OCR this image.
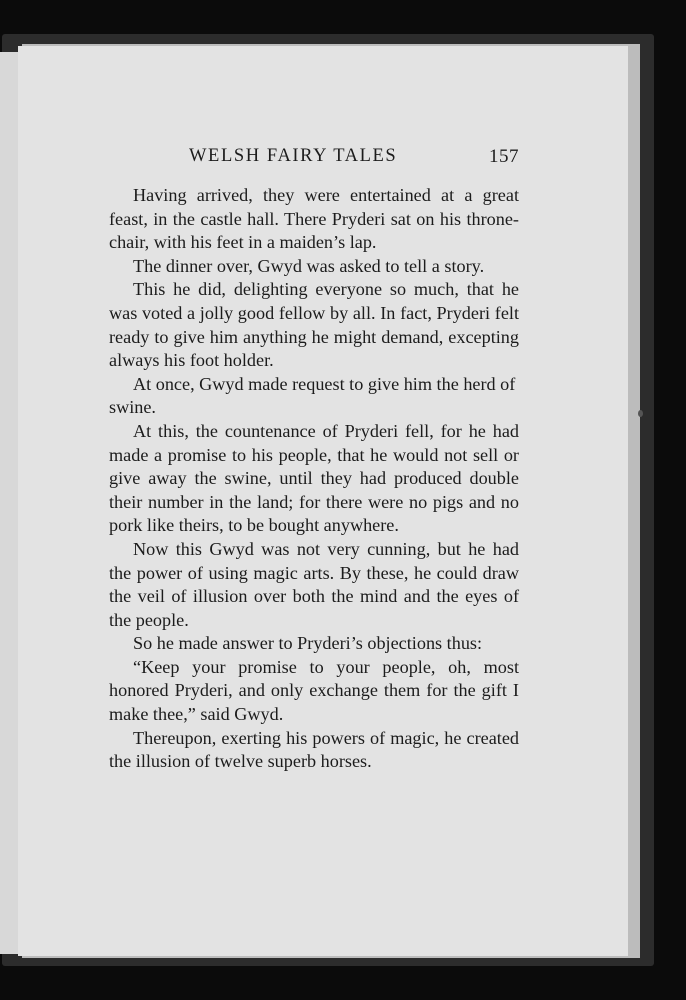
WELSH FAIRY TALES	157

Having arrived, they were entertained at a great feast, in the castle hall. There Pryderi sat on his throne-chair, with his feet in a maiden’s lap.

The dinner over, Gwyd was asked to tell a story.

This he did, delighting everyone so much, that he was voted a jolly good fellow by all. In fact, Pryderi felt ready to give him anything he might demand, excepting always his foot holder.

At once, Gwyd made request to give him the herd of swine.

At this, the countenance of Pryderi fell, for he had made a promise to his people, that he would not sell or give away the swine, until they had produced double their number in the land; for there were no pigs and no pork like theirs, to be bought anywhere.

Now this Gwyd was not very cunning, but he had the power of using magic arts. By these, he could draw the veil of illusion over both the mind and the eyes of the people.

So he made answer to Pryderi’s objections thus:

“Keep your promise to your people, oh, most honored Pryderi, and only exchange them for the gift I make thee,” said Gwyd.

Thereupon, exerting his powers of magic, he created the illusion of twelve superb horses.
